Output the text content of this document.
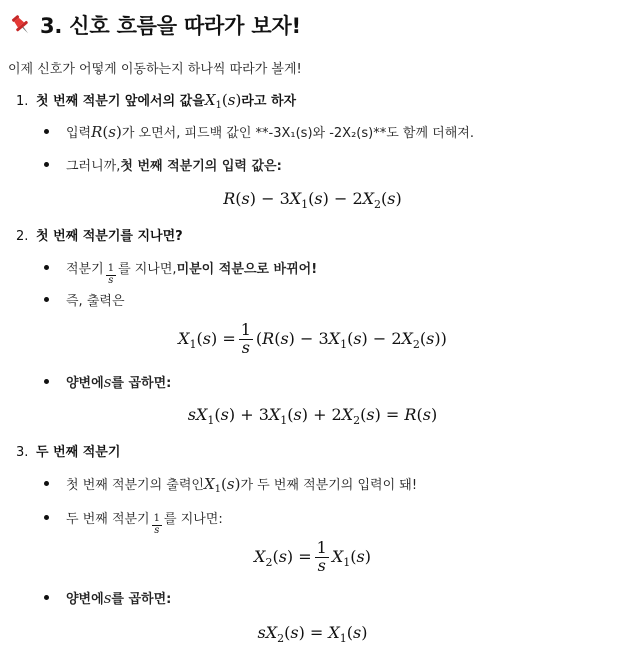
3. 신호 흐름을 따라가 보자!
이제 신호가 어떻게 이동하는지 하나씩 따라가 볼게!
1. 첫 번째 적분기 앞에서의 값을 $X_1(s)$ 라고 하자
입력 R(s) 가 오면서, 피드백 값인 **-3X₁(s)와 -2X₂(s)**도 함께 더해져.
그러니까, 첫 번째 적분기의 입력 값은:
$R(s) - 3X_1(s) - 2X_2(s)$
2. 첫 번째 적분기를 지나면?
적분기 $\frac{1}{s}$ 를 지나면, 미분이 적분으로 바뀌어!
즉, 출력은
$X_1(s) = \frac{1}{s} (R(s) - 3X_1(s) - 2X_2(s))$
양변에 s 를 곱하면:
$sX_1(s) + 3X_1(s) + 2X_2(s) = R(s)$
3. 두 번째 적분기
첫 번째 적분기의 출력인 $X_1(s)$ 가 두 번째 적분기의 입력이 돼!
두 번째 적분기 $\frac{1}{s}$ 를 지나면:
$X_2(s) = \frac{1}{s} X_1(s)$
양변에 s 를 곱하면:
$sX_2(s) = X_1(s)$
